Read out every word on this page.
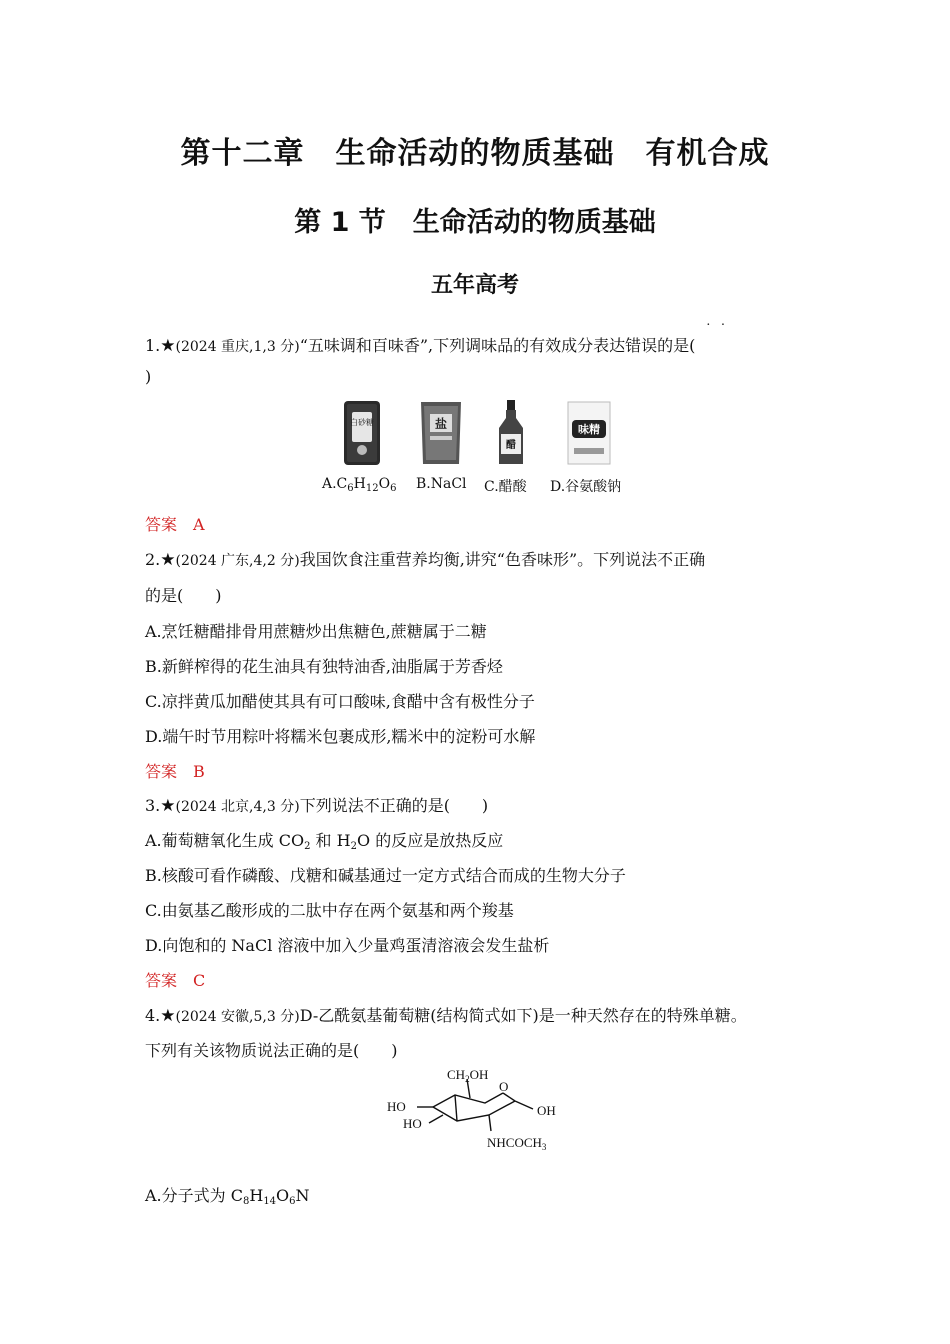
第十二章　生命活动的物质基础　有机合成
第 1 节　生命活动的物质基础
五年高考
1.★(2024 重庆,1,3 分)“五味调和百味香”,下列调味品的有效成分表达错误的是(
··
)
白砂糖	盐
醋
味精
$A.C_6H_{12}O_6$ B.NaCl C.醋酸 D.谷氨酸钠
答案 A
2.★(2024 广东,4,2 分)我国饮食注重营养均衡,讲究“色香味形”。下列说法不正确
的是(　　)
A.烹饪糖醋排骨用蔗糖炒出焦糖色,蔗糖属于二糖
B.新鲜榨得的花生油具有独特油香,油脂属于芳香烃
C.凉拌黄瓜加醋使其具有可口酸味,食醋中含有极性分子
D.端午时节用粽叶将糯米包裹成形,糯米中的淀粉可水解
答案 B
3.★(2024 北京,4,3 分)下列说法不正确的是(　　)
A.葡萄糖氧化生成 $CO_2$ 和 $H_2O$ 的反应是放热反应
B.核酸可看作磷酸、戊糖和碱基通过一定方式结合而成的生物大分子
C.由氨基乙酸形成的二肽中存在两个氨基和两个羧基
D.向饱和的 NaCl 溶液中加入少量鸡蛋清溶液会发生盐析
答案 C
4.★(2024 安徽,5,3 分)D-乙酰氨基葡萄糖(结构简式如下)是一种天然存在的特殊单糖。
下列有关该物质说法正确的是(　　)
$CH_2OH$
O
OH
HO
HO
$NHCOCH_3$
A.分子式为 $C_8H_{14}O_6N$
